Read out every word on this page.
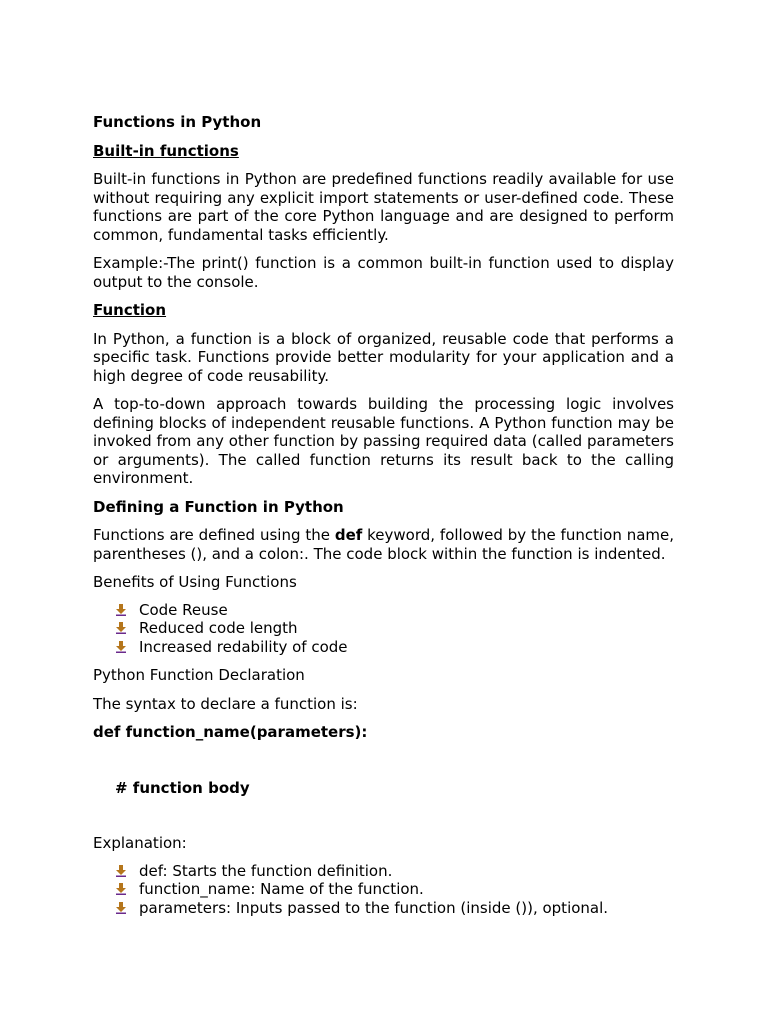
Functions in Python

Built-in functions

Built-in functions in Python are predefined functions readily available for use without requiring any explicit import statements or user-defined code. These functions are part of the core Python language and are designed to perform common, fundamental tasks efficiently.

Example:-The print() function is a common built-in function used to display output to the console.

Function

In Python, a function is a block of organized, reusable code that performs a specific task. Functions provide better modularity for your application and a high degree of code reusability.

A top-to-down approach towards building the processing logic involves defining blocks of independent reusable functions. A Python function may be invoked from any other function by passing required data (called parameters or arguments). The called function returns its result back to the calling environment.

Defining a Function in Python

Functions are defined using the def keyword, followed by the function name, parentheses (), and a colon:. The code block within the function is indented.

Benefits of Using Functions

Code Reuse
Reduced code length
Increased redability of code

Python Function Declaration

The syntax to declare a function is:

def function_name(parameters):

# function body

Explanation:

def: Starts the function definition.
function_name: Name of the function.
parameters: Inputs passed to the function (inside ()), optional.
